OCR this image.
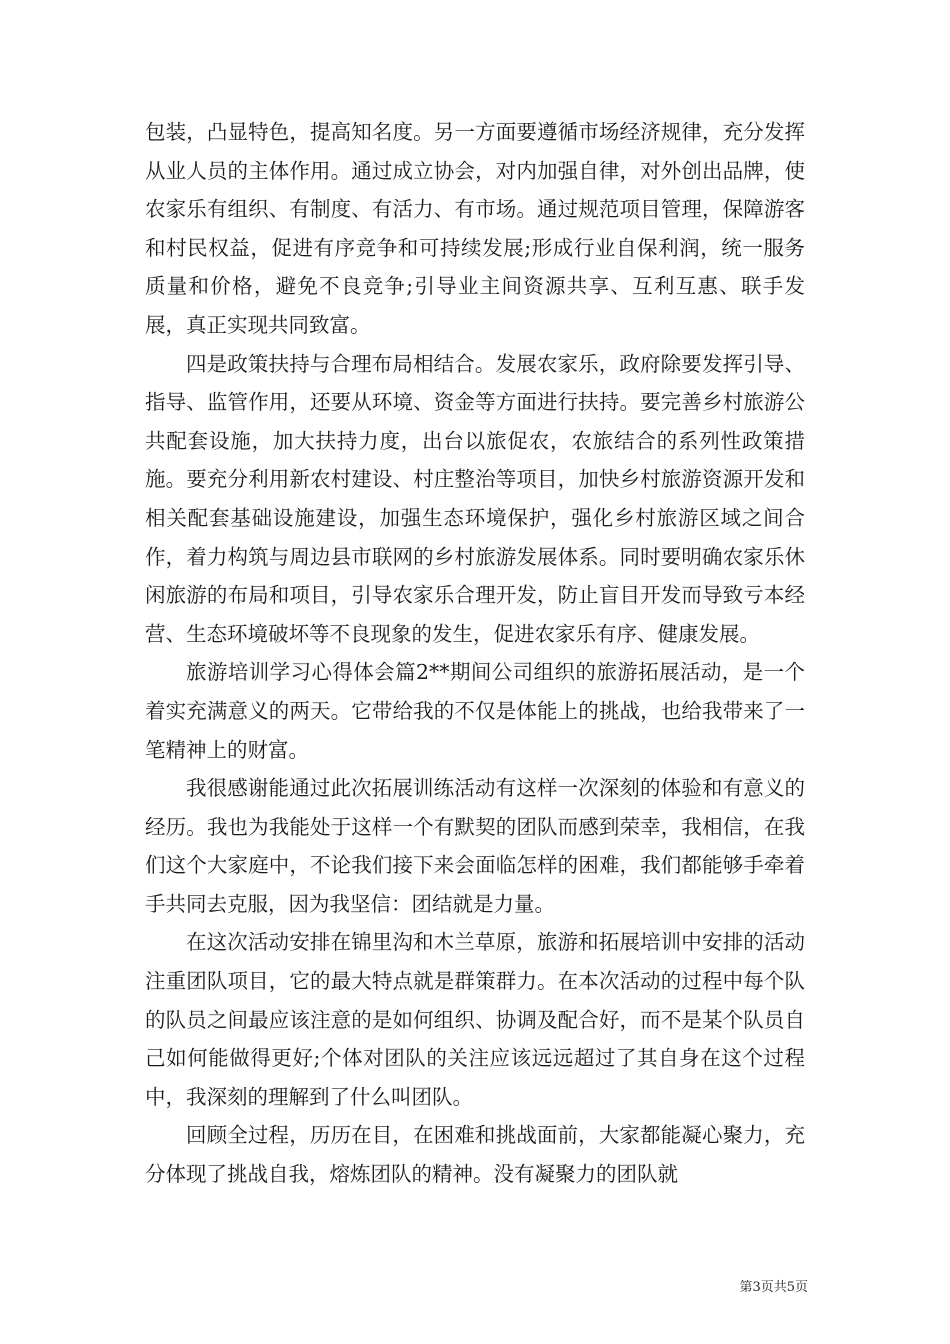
包装，凸显特色，提高知名度。另一方面要遵循市场经济规律，充分发挥从业人员的主体作用。通过成立协会，对内加强自律，对外创出品牌，使农家乐有组织、有制度、有活力、有市场。通过规范项目管理，保障游客和村民权益，促进有序竞争和可持续发展;形成行业自保利润，统一服务质量和价格，避免不良竞争;引导业主间资源共享、互利互惠、联手发展，真正实现共同致富。

四是政策扶持与合理布局相结合。发展农家乐，政府除要发挥引导、指导、监管作用，还要从环境、资金等方面进行扶持。要完善乡村旅游公共配套设施，加大扶持力度，出台以旅促农，农旅结合的系列性政策措施。要充分利用新农村建设、村庄整治等项目，加快乡村旅游资源开发和相关配套基础设施建设，加强生态环境保护，强化乡村旅游区域之间合作，着力构筑与周边县市联网的乡村旅游发展体系。同时要明确农家乐休闲旅游的布局和项目，引导农家乐合理开发，防止盲目开发而导致亏本经营、生态环境破坏等不良现象的发生，促进农家乐有序、健康发展。

旅游培训学习心得体会篇2**期间公司组织的旅游拓展活动，是一个着实充满意义的两天。它带给我的不仅是体能上的挑战，也给我带来了一笔精神上的财富。

我很感谢能通过此次拓展训练活动有这样一次深刻的体验和有意义的经历。我也为我能处于这样一个有默契的团队而感到荣幸，我相信，在我们这个大家庭中，不论我们接下来会面临怎样的困难，我们都能够手牵着手共同去克服，因为我坚信：团结就是力量。

在这次活动安排在锦里沟和木兰草原，旅游和拓展培训中安排的活动注重团队项目，它的最大特点就是群策群力。在本次活动的过程中每个队的队员之间最应该注意的是如何组织、协调及配合好，而不是某个队员自己如何能做得更好;个体对团队的关注应该远远超过了其自身在这个过程中，我深刻的理解到了什么叫团队。

回顾全过程，历历在目，在困难和挑战面前，大家都能凝心聚力，充分体现了挑战自我，熔炼团队的精神。没有凝聚力的团队就

第3页共5页
